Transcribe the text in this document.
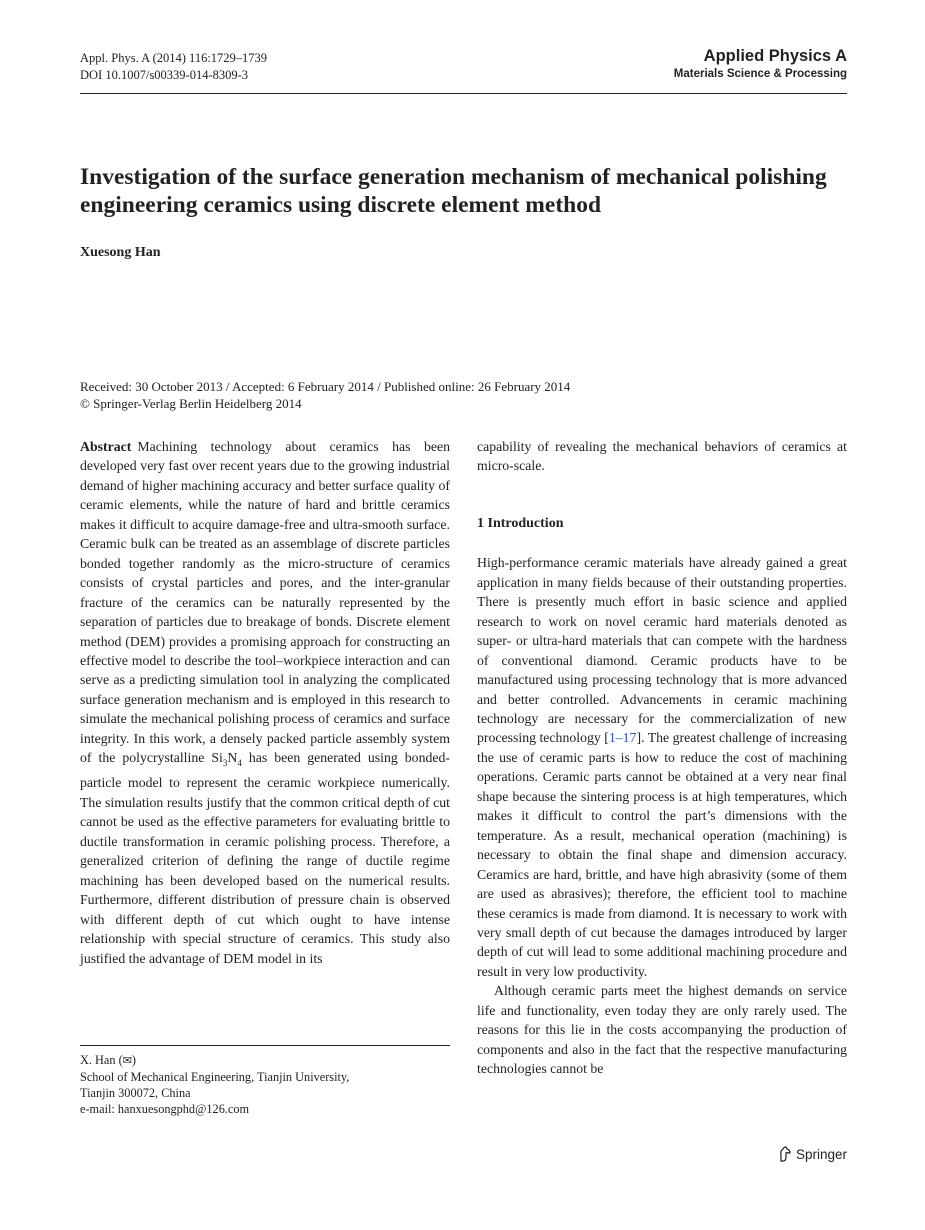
Appl. Phys. A (2014) 116:1729–1739
DOI 10.1007/s00339-014-8309-3
Applied Physics A
Materials Science & Processing
Investigation of the surface generation mechanism of mechanical polishing engineering ceramics using discrete element method
Xuesong Han
Received: 30 October 2013 / Accepted: 6 February 2014 / Published online: 26 February 2014
© Springer-Verlag Berlin Heidelberg 2014

Abstract Machining technology about ceramics has been developed very fast over recent years due to the growing industrial demand of higher machining accuracy and better surface quality of ceramic elements, while the nature of hard and brittle ceramics makes it difficult to acquire damage-free and ultra-smooth surface. Ceramic bulk can be treated as an assemblage of discrete particles bonded together randomly as the micro-structure of ceramics consists of crystal particles and pores, and the inter-granular fracture of the ceramics can be naturally represented by the separation of particles due to breakage of bonds. Discrete element method (DEM) provides a promising approach for constructing an effective model to describe the tool–workpiece interaction and can serve as a predicting simulation tool in analyzing the complicated surface generation mechanism and is employed in this research to simulate the mechanical polishing process of ceramics and surface integrity. In this work, a densely packed particle assembly system of the polycrystalline $Si_3N_4$ has been generated using bonded-particle model to represent the ceramic workpiece numerically. The simulation results justify that the common critical depth of cut cannot be used as the effective parameters for evaluating brittle to ductile transformation in ceramic polishing process. Therefore, a generalized criterion of defining the range of ductile regime machining has been developed based on the numerical results. Furthermore, different distribution of pressure chain is observed with different depth of cut which ought to have intense relationship with special structure of ceramics. This study also justified the advantage of DEM model in its

capability of revealing the mechanical behaviors of ceramics at micro-scale.

1 Introduction

High-performance ceramic materials have already gained a great application in many fields because of their outstanding properties. There is presently much effort in basic science and applied research to work on novel ceramic hard materials denoted as super- or ultra-hard materials that can compete with the hardness of conventional diamond. Ceramic products have to be manufactured using processing technology that is more advanced and better controlled. Advancements in ceramic machining technology are necessary for the commercialization of new processing technology [1–17]. The greatest challenge of increasing the use of ceramic parts is how to reduce the cost of machining operations. Ceramic parts cannot be obtained at a very near final shape because the sintering process is at high temperatures, which makes it difficult to control the part’s dimensions with the temperature. As a result, mechanical operation (machining) is necessary to obtain the final shape and dimension accuracy. Ceramics are hard, brittle, and have high abrasivity (some of them are used as abrasives); therefore, the efficient tool to machine these ceramics is made from diamond. It is necessary to work with very small depth of cut because the damages introduced by larger depth of cut will lead to some additional machining procedure and result in very low productivity.

Although ceramic parts meet the highest demands on service life and functionality, even today they are only rarely used. The reasons for this lie in the costs accompanying the production of components and also in the fact that the respective manufacturing technologies cannot be

X. Han (✉)
School of Mechanical Engineering, Tianjin University,
Tianjin 300072, China
e-mail: hanxuesongphd@126.com
Springer
